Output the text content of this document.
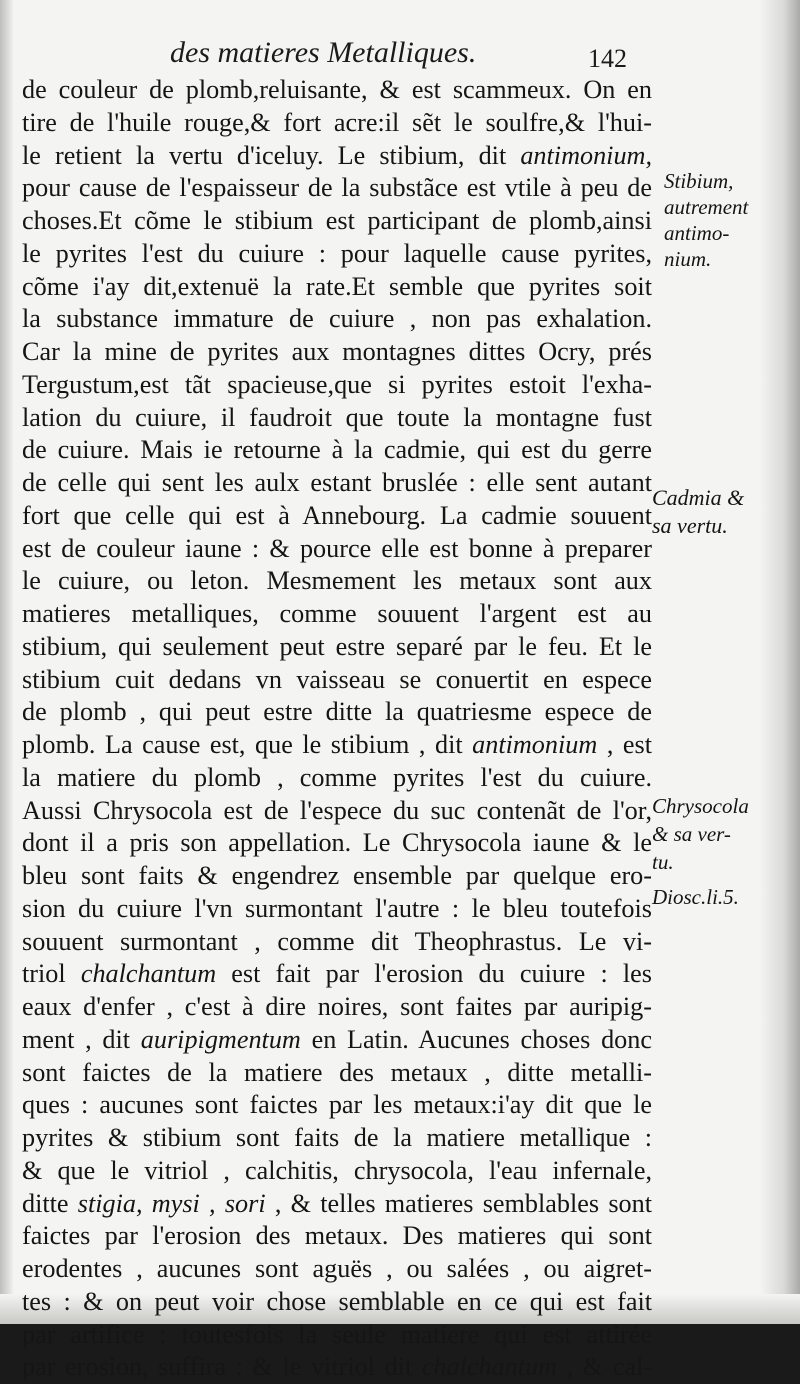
des matieres Metalliques.	142
de couleur de plomb,reluisante, & est scammeux. On en
tire de l'huile rouge,& fort acre:il sẽt le soulfre,& l'hui-
le retient la vertu d'iceluy. Le stibium, dit antimonium,
pour cause de l'espaisseur de la substãce est vtile à peu de
choses.Et cõme le stibium est participant de plomb,ainsi
le pyrites l'est du cuiure : pour laquelle cause pyrites,
cõme i'ay dit,extenuë la rate.Et semble que pyrites soit
la substance immature de cuiure , non pas exhalation.
Car la mine de pyrites aux montagnes dittes Ocry, prés
Tergustum,est tãt spacieuse,que si pyrites estoit l'exha-
lation du cuiure, il faudroit que toute la montagne fust
de cuiure. Mais ie retourne à la cadmie, qui est du gerre
de celle qui sent les aulx estant bruslée : elle sent autant
fort que celle qui est à Annebourg. La cadmie souuent
est de couleur iaune : & pource elle est bonne à preparer
le cuiure, ou leton. Mesmement les metaux sont aux
matieres metalliques, comme souuent l'argent est au
stibium, qui seulement peut estre separé par le feu. Et le
stibium cuit dedans vn vaisseau se conuertit en espece
de plomb , qui peut estre ditte la quatriesme espece de
plomb. La cause est, que le stibium , dit antimonium , est
la matiere du plomb , comme pyrites l'est du cuiure.
Aussi Chrysocola est de l'espece du suc contenãt de l'or,
dont il a pris son appellation. Le Chrysocola iaune & le
bleu sont faits & engendrez ensemble par quelque ero-
sion du cuiure l'vn surmontant l'autre : le bleu toutefois
souuent surmontant , comme dit Theophrastus. Le vi-
triol chalchantum est fait par l'erosion du cuiure : les
eaux d'enfer , c'est à dire noires, sont faites par auripig-
ment , dit auripigmentum en Latin. Aucunes choses donc
sont faictes de la matiere des metaux , ditte metalli-
ques : aucunes sont faictes par les metaux:i'ay dit que le
pyrites & stibium sont faits de la matiere metallique :
& que le vitriol , calchitis, chrysocola, l'eau infernale,
ditte stigia, mysi , sori , & telles matieres semblables sont
faictes par l'erosion des metaux. Des matieres qui sont
erodentes , aucunes sont aguës , ou salées , ou aigret-
tes : & on peut voir chose semblable en ce qui est fait
par artifice : toutesfois la seule matiere qui est attirée
par erosion, suffira : & le vitriol dit chalchantum , & cal-
Stibium,
autrement
antimo-
nium.
Cadmia &
sa vertu.
Chrysocola
& sa ver-
tu.
Diosc.li.5.
